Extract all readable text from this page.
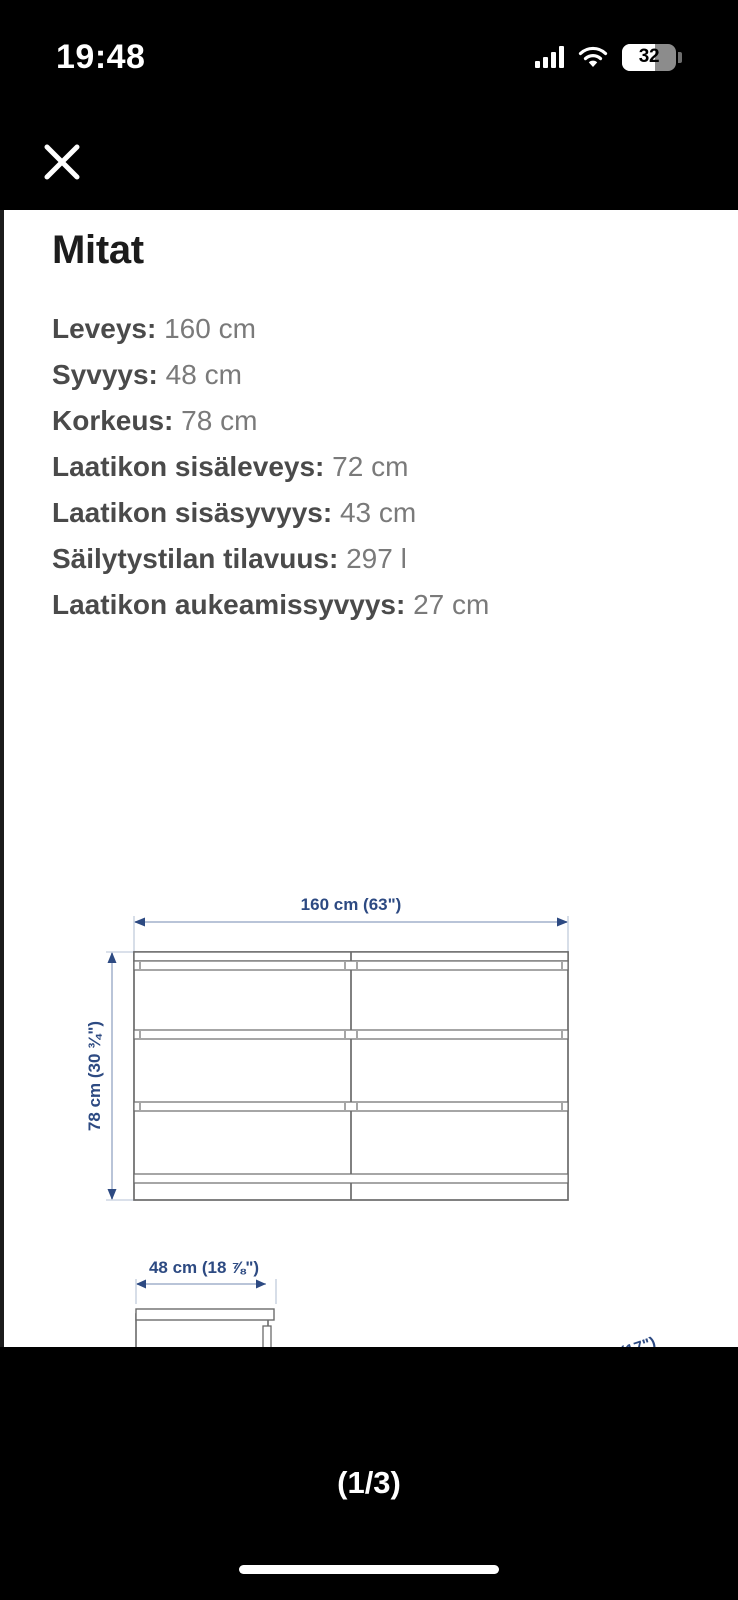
19:48	32
Mitat
Leveys: 160 cm
Syvyys: 48 cm
Korkeus: 78 cm
Laatikon sisäleveys: 72 cm
Laatikon sisäsyvyys: 43 cm
Säilytystilan tilavuus: 297 l
Laatikon aukeamissyvyys: 27 cm
160 cm (63")
78 cm (30 ¾")
48 cm (18 ⅞")
(1/3)
